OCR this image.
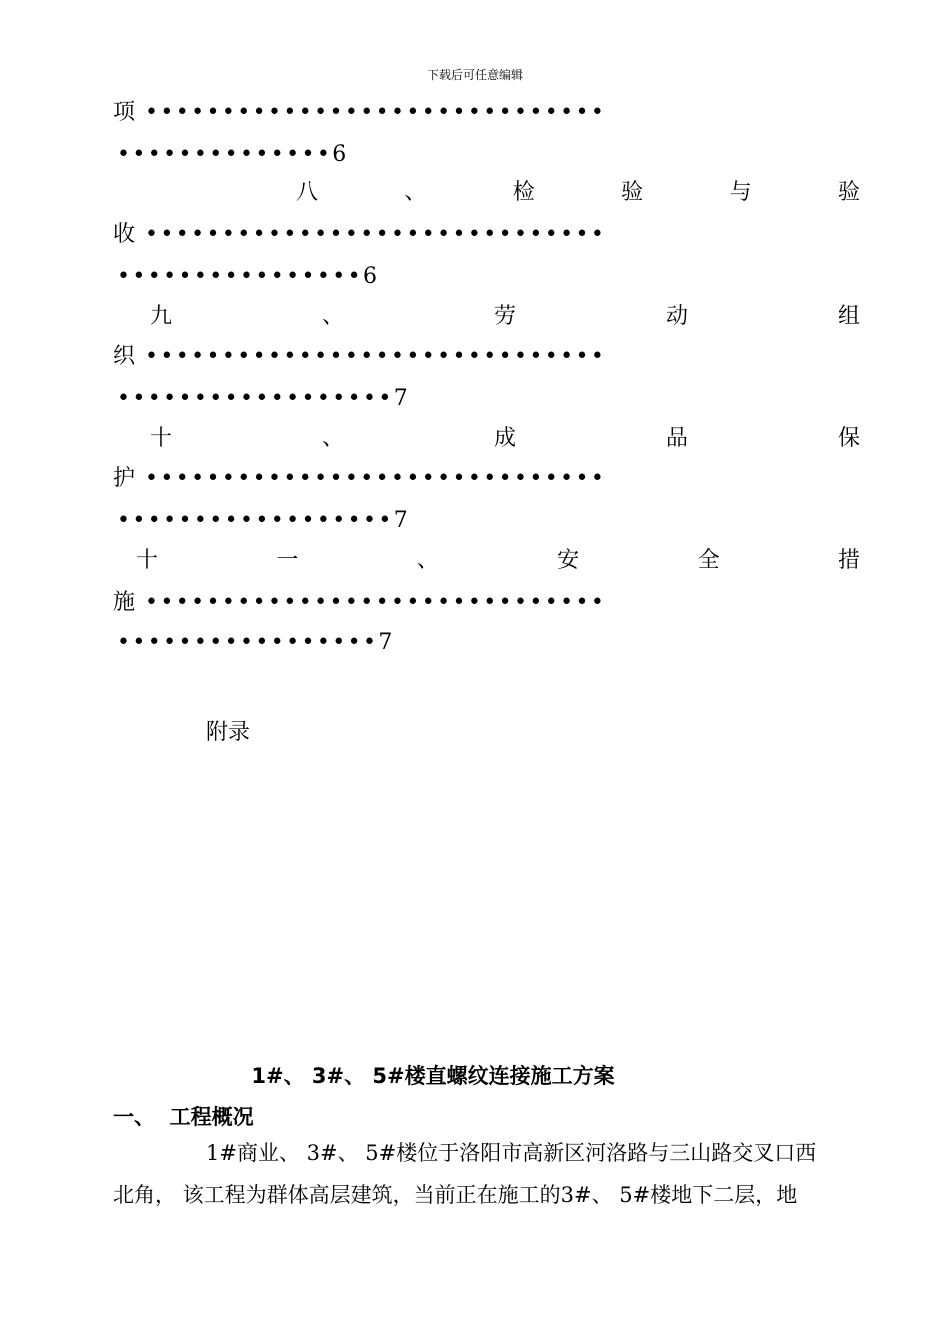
下载后可任意编辑
项 ••••••••••••••••••••••••••••••
••••••••••••••6
八	、	检	验	与	验
收 ••••••••••••••••••••••••••••••
••••••••••••••••6
九	、	劳	动	组
织 ••••••••••••••••••••••••••••••
••••••••••••••••••7
十	、	成	品	保
护 ••••••••••••••••••••••••••••••
••••••••••••••••••7
十	一	、	安	全	措
施 ••••••••••••••••••••••••••••••
•••••••••••••••••7
附录
1#、 3#、 5#楼直螺纹连接施工方案
一、  工程概况
1#商业、 3#、 5#楼位于洛阳市高新区河洛路与三山路交叉口西
北角， 该工程为群体高层建筑，当前正在施工的3#、 5#楼地下二层，地
